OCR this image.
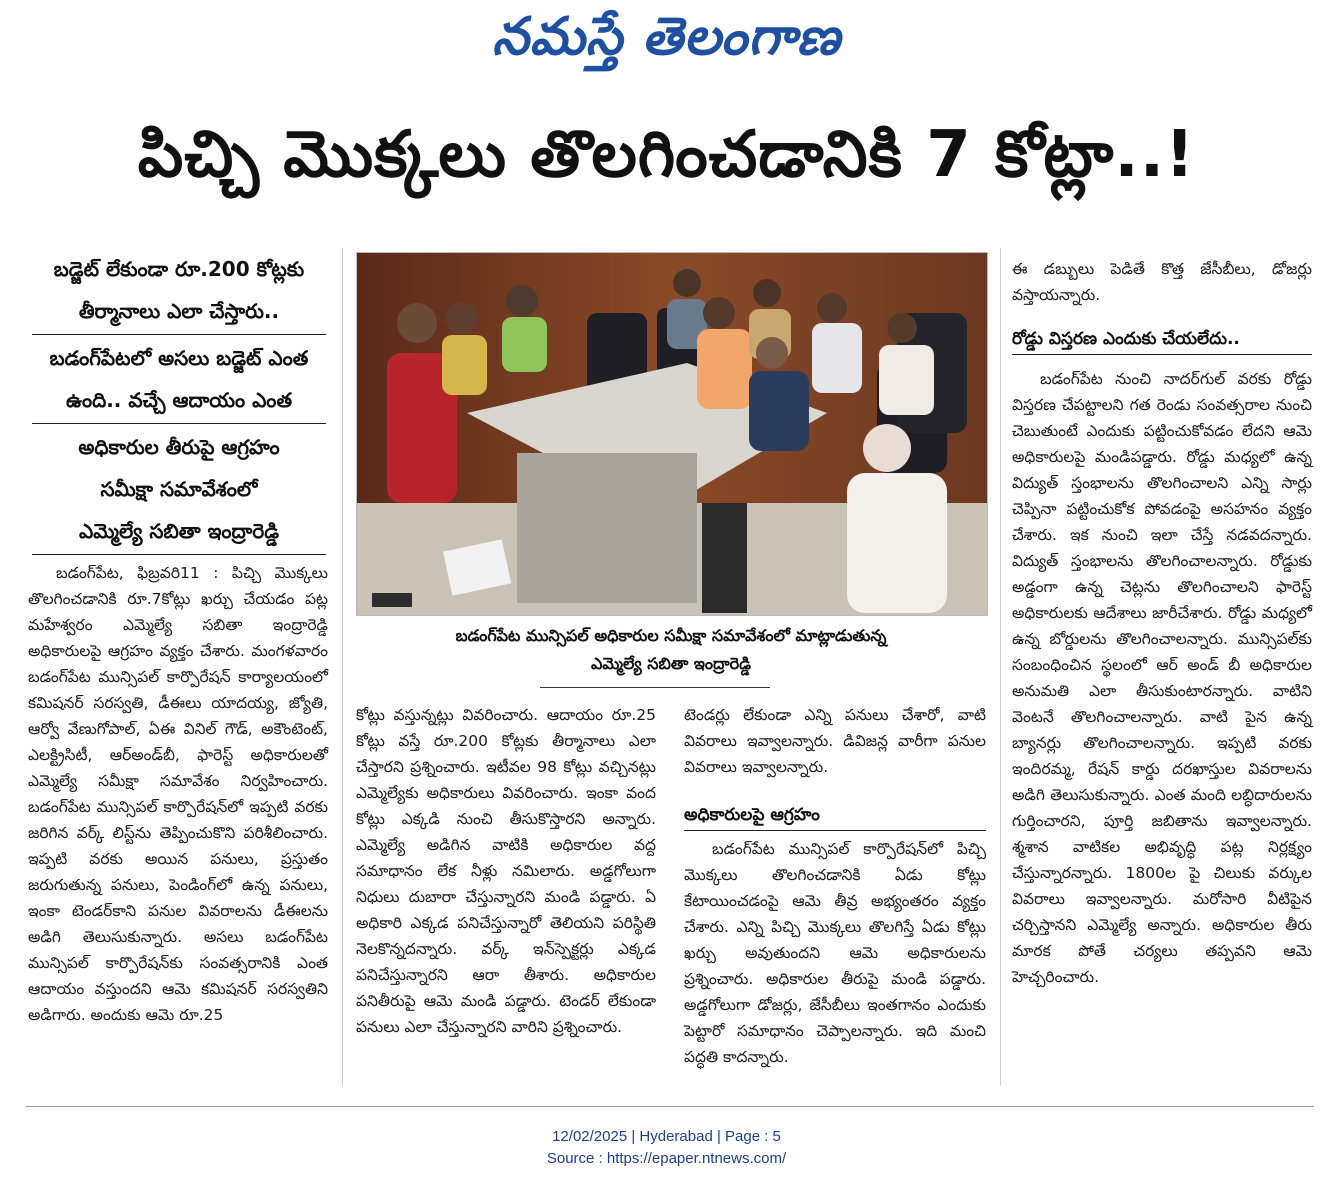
నమస్తే తెలంగాణ
పిచ్చి మొక్కలు తొలగించడానికి 7 కోట్లా..!
బడ్జెట్ లేకుండా రూ.200 కోట్లకు
తీర్మానాలు ఎలా చేస్తారు..
బడంగ్‌పేటలో అసలు బడ్జెట్ ఎంత
ఉంది.. వచ్చే ఆదాయం ఎంత
అధికారుల తీరుపై ఆగ్రహం
సమీక్షా సమావేశంలో
ఎమ్మెల్యే సబితా ఇంద్రారెడ్డి

బడంగ్‌పేట, ఫిబ్రవరి11 : పిచ్చి మొక్కలు తొలగించడానికి రూ.7కోట్లు ఖర్చు చేయడం పట్ల మహేశ్వరం ఎమ్మెల్యే సబితా ఇంద్రారెడ్డి అధికారులపై ఆగ్రహం వ్యక్తం చేశారు. మంగళవారం బడంగ్‌పేట మున్సిపల్ కార్పొరేషన్ కార్యాలయంలో కమిషనర్ సరస్వతి, డీఈలు యాదయ్య, జ్యోతి, ఆర్వో వేణుగోపాల్, ఏఈ వినిల్ గౌడ్, అకౌంటెంట్, ఎలక్ట్రిసిటీ, ఆర్అండ్‌బీ, ఫారెస్ట్ అధికారులతో ఎమ్మెల్యే సమీక్షా సమావేశం నిర్వహించారు. బడంగ్‌పేట మున్సిపల్ కార్పొరేషన్‌లో ఇప్పటి వరకు జరిగిన వర్క్ లిస్ట్‌ను తెప్పించుకొని పరిశీలించారు. ఇప్పటి వరకు అయిన పనులు, ప్రస్తుతం జరుగుతున్న పనులు, పెండింగ్‌లో ఉన్న పనులు, ఇంకా టెండర్‌కాని పనుల వివరాలను డీఈలను అడిగి తెలుసుకున్నారు. అసలు బడంగ్‌పేట మున్సిపల్ కార్పొరేషన్‌కు సంవత్సరానికి ఎంత ఆదాయం వస్తుందని ఆమె కమిషనర్ సరస్వతిని అడిగారు. అందుకు ఆమె రూ.25

బడంగ్‌పేట మున్సిపల్ అధికారుల సమీక్షా సమావేశంలో మాట్లాడుతున్న
ఎమ్మెల్యే సబితా ఇంద్రారెడ్డి

కోట్లు వస్తున్నట్లు వివరించారు. ఆదాయం రూ.25 కోట్లు వస్తే రూ.200 కోట్లకు తీర్మానాలు ఎలా చేస్తారని ప్రశ్నించారు. ఇటీవల 98 కోట్లు వచ్చినట్లు ఎమ్మెల్యేకు అధికారులు వివరించారు. ఇంకా వంద కోట్లు ఎక్కడి నుంచి తీసుకొస్తారని అన్నారు. ఎమ్మెల్యే అడిగిన వాటికి అధికారుల వద్ద సమాధానం లేక నీళ్లు నమిలారు. అడ్డగోలుగా నిధులు దుబారా చేస్తున్నారని మండి పడ్డారు. ఏ అధికారి ఎక్కడ పనిచేస్తున్నారో తెలియని పరిస్థితి నెలకొన్నదన్నారు. వర్క్ ఇన్‌స్పెక్టర్లు ఎక్కడ పనిచేస్తున్నారని ఆరా తీశారు. అధికారుల పనితీరుపై ఆమె మండి పడ్డారు. టెండర్ లేకుండా పనులు ఎలా చేస్తున్నారని వారిని ప్రశ్నించారు.

టెండర్లు లేకుండా ఎన్ని పనులు చేశారో, వాటి వివరాలు ఇవ్వాలన్నారు. డివిజన్ల వారీగా పనుల వివరాలు ఇవ్వాలన్నారు.

అధికారులపై ఆగ్రహం

బడంగ్‌పేట మున్సిపల్ కార్పొరేషన్‌లో పిచ్చి మొక్కలు తొలగించడానికి ఏడు కోట్లు కేటాయించడంపై ఆమె తీవ్ర అభ్యంతరం వ్యక్తం చేశారు. ఎన్ని పిచ్చి మొక్కలు తొలగిస్తే ఏడు కోట్లు ఖర్చు అవుతుందని ఆమె అధికారులను ప్రశ్నించారు. అధికారుల తీరుపై మండి పడ్డారు. అడ్డగోలుగా డోజర్లు, జేసీబీలు ఇంతగానం ఎందుకు పెట్టారో సమాధానం చెప్పాలన్నారు. ఇది మంచి పద్ధతి కాదన్నారు.

ఈ డబ్బులు పెడితే కొత్త జేసీబీలు, డోజర్లు వస్తాయన్నారు.

రోడ్డు విస్తరణ ఎందుకు చేయలేదు..

బడంగ్‌పేట నుంచి నాదర్‌గుల్ వరకు రోడ్డు విస్తరణ చేపట్టాలని గత రెండు సంవత్సరాల నుంచి చెబుతుంటే ఎందుకు పట్టించుకోవడం లేదని ఆమె అధికారులపై మండిపడ్డారు. రోడ్డు మధ్యలో ఉన్న విద్యుత్ స్తంభాలను తొలగించాలని ఎన్ని సార్లు చెప్పినా పట్టించుకోక పోవడంపై అసహనం వ్యక్తం చేశారు. ఇక నుంచి ఇలా చేస్తే నడవదన్నారు. విద్యుత్ స్తంభాలను తొలగించాలన్నారు. రోడ్డుకు అడ్డంగా ఉన్న చెట్లను తొలగించాలని ఫారెస్ట్ అధికారులకు ఆదేశాలు జారీచేశారు. రోడ్డు మధ్యలో ఉన్న బోర్డులను తొలగించాలన్నారు. మున్సిపల్‌కు సంబంధించిన స్థలంలో ఆర్ అండ్ బీ అధికారుల అనుమతి ఎలా తీసుకుంటారన్నారు. వాటిని వెంటనే తొలగించాలన్నారు. వాటి పైన ఉన్న బ్యానర్లు తొలగించాలన్నారు. ఇప్పటి వరకు ఇందిరమ్మ, రేషన్ కార్డు దరఖాస్తుల వివరాలను అడిగి తెలుసుకున్నారు. ఎంత మంది లబ్ధిదారులను గుర్తించారని, పూర్తి జబితాను ఇవ్వాలన్నారు. శ్మశాన వాటికల అభివృద్ధి పట్ల నిర్లక్ష్యం చేస్తున్నారన్నారు. 1800ల పై చిలుకు వర్కుల వివరాలు ఇవ్వాలన్నారు. మరోసారి వీటిపైన చర్చిస్తానని ఎమ్మెల్యే అన్నారు. అధికారుల తీరు మారక పోతే చర్యలు తప్పవని ఆమె హెచ్చరించారు.

12/02/2025 | Hyderabad | Page : 5
Source : https://epaper.ntnews.com/
